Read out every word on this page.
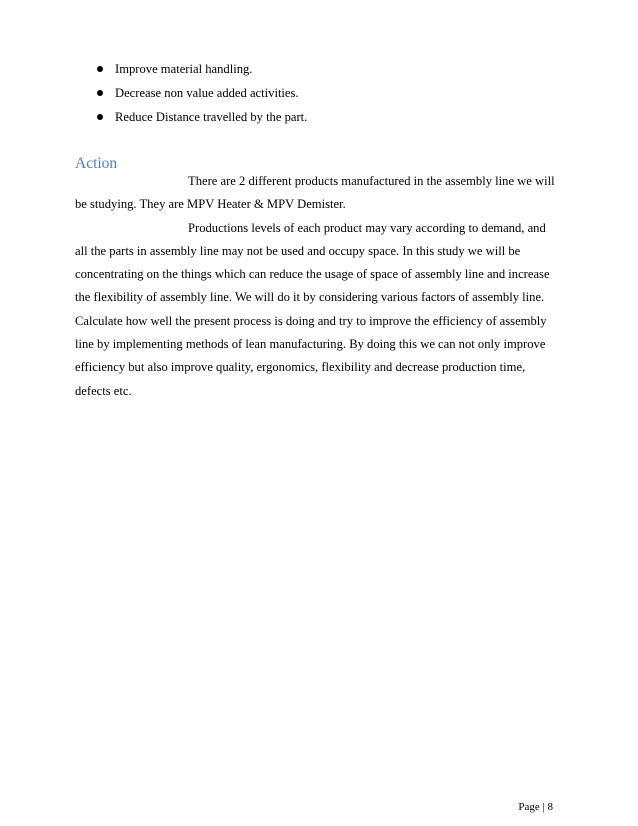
Improve material handling.
Decrease non value added activities.
Reduce Distance travelled by the part.
Action
There are 2 different products manufactured in the assembly line we will
be studying. They are MPV Heater & MPV Demister.
Productions levels of each product may vary according to demand, and
all the parts in assembly line may not be used and occupy space. In this study we will be
concentrating on the things which can reduce the usage of space of assembly line and increase
the flexibility of assembly line. We will do it by considering various factors of assembly line.
Calculate how well the present process is doing and try to improve the efficiency of assembly
line by implementing methods of lean manufacturing. By doing this we can not only improve
efficiency but also improve quality, ergonomics, flexibility and decrease production time,
defects etc.
Page | 8
